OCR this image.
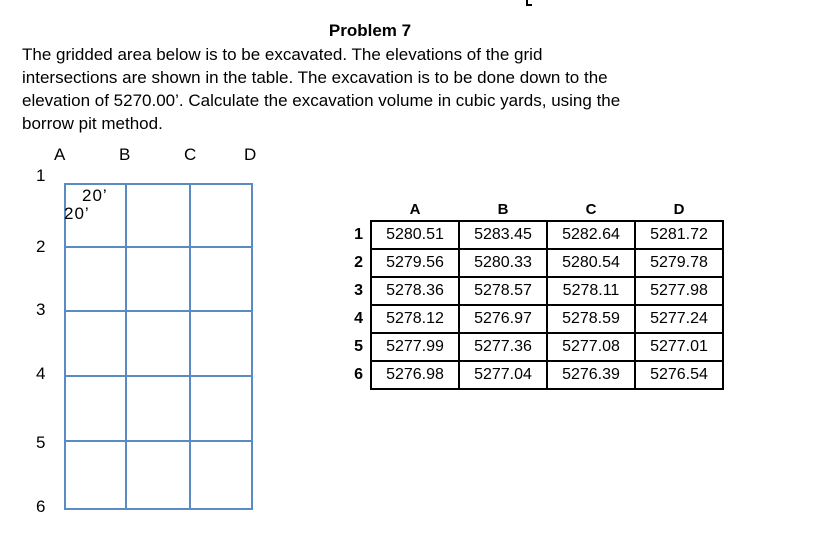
Problem 7
The gridded area below is to be excavated. The elevations of the grid
intersections are shown in the table. The excavation is to be done down to the
elevation of 5270.00’. Calculate the excavation volume in cubic yards, using the
borrow pit method.
A	B	C	D
1
2
3
4
5
6
20’
20’
		A	B	C	D
1	5280.51	5283.45	5282.64	5281.72
2	5279.56	5280.33	5280.54	5279.78
3	5278.36	5278.57	5278.11	5277.98
4	5278.12	5276.97	5278.59	5277.24
5	5277.99	5277.36	5277.08	5277.01
6	5276.98	5277.04	5276.39	5276.54
